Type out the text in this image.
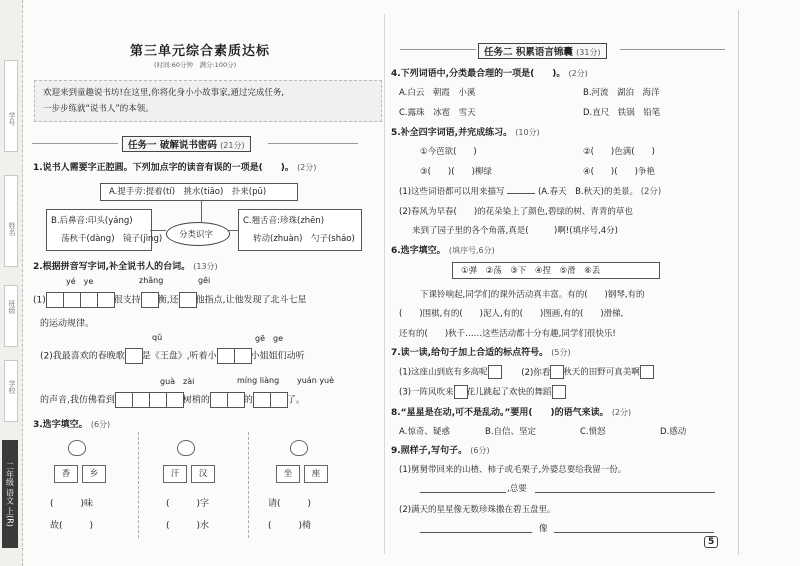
学号
姓名
班级
学校
二年级 语文 上(R)
第三单元综合素质达标
(时间:60分钟　满分:100分)
欢迎来到童趣说书坊!在这里,你将化身小小故事家,通过完成任务,
一步步练就“说书人”的本领。
任务一 破解说书密码 (21分)
1.说书人需要字正腔圆。下列加点字的读音有误的一项是(　　)。 (2分)
A.提手旁:提着(tí)　挑水(tiāo)　扑来(pū)
B.后鼻音:印头(yáng)
荡秋千(dàng)　镜子(jìng) 分类识字
C.翘舌音:珍珠(zhēn)
转动(zhuàn)　勺子(sháo)
2.根据拼音写字词,补全说书人的台词。 (13分)
yé　ye	zhǎng	gēi
(1)	很支持 衡,还 他指点,让他发现了北斗七星
的运动规律。
qǔ	gē　ge
(2)我最喜欢的春晚歌 是《王盘》,听着小	小姐姐们动听
guà　zài	míng liàng yuán yuè
的声音,我仿佛看到	树梢的	的	了。
3.选字填空。 (6分)
香	乡	汗	汉	坐	座
(　　　)味	(　　　)字	请(　　　)
故(　　　)	(　　　)水	(　　　)椅
任务二 积累语言锦囊 (31分)
4.下列词语中,分类最合理的一项是(　　)。 (2分)
A.白云　朝霞　小溪	B.河流　湖泊　海洋
C.露珠　冰雹　雪天	D.直尺　铁锅　铅笔
5.补全四字词语,并完成练习。 (10分)
①今芭欲(　　)	②(　　)色满(　　)
③(　　)(　　)柳绿	④(　　)(　　)争艳
(1)这些词语都可以用来描写	(A.春天　B.秋天)的美景。 (2分)
(2)春风为早春(　　)的花朵染上了颜色,碧绿的树、青青的草也
来到了园子里的各个角落,真是(　　　)啊!(填序号,4分)
6.选字填空。 (填序号,6分)
①弹　②荡　③下　④捏　⑤滑　⑥丢
下课铃响起,同学们的课外活动真丰富。有的(　　)钢琴,有的
(　　)围棋,有的(　　)泥人,有的(　　)图画,有的(　　)滑梯,
还有的(　　)秋千……这些活动都十分有趣,同学们很快乐!
7.读一读,给句子加上合适的标点符号。 (5分)
(1)这座山到底有多高呢	(2)你看 秋天的田野可真美啊
(3)一阵风吹来 花儿跳起了欢快的舞蹈
8.“星星是在动,可不是乱动。”要用(　　)的语气来读。 (2分)
A.惊奇、疑惑	B.自信、坚定	C.愤怒	D.感动
9.照样子,写句子。 (6分)
(1)舅舅带回来的山楂、柿子或毛栗子,外婆总要给我留一份。
,总要
(2)满天的星星像无数珍珠撒在碧玉盘里。
像
5
